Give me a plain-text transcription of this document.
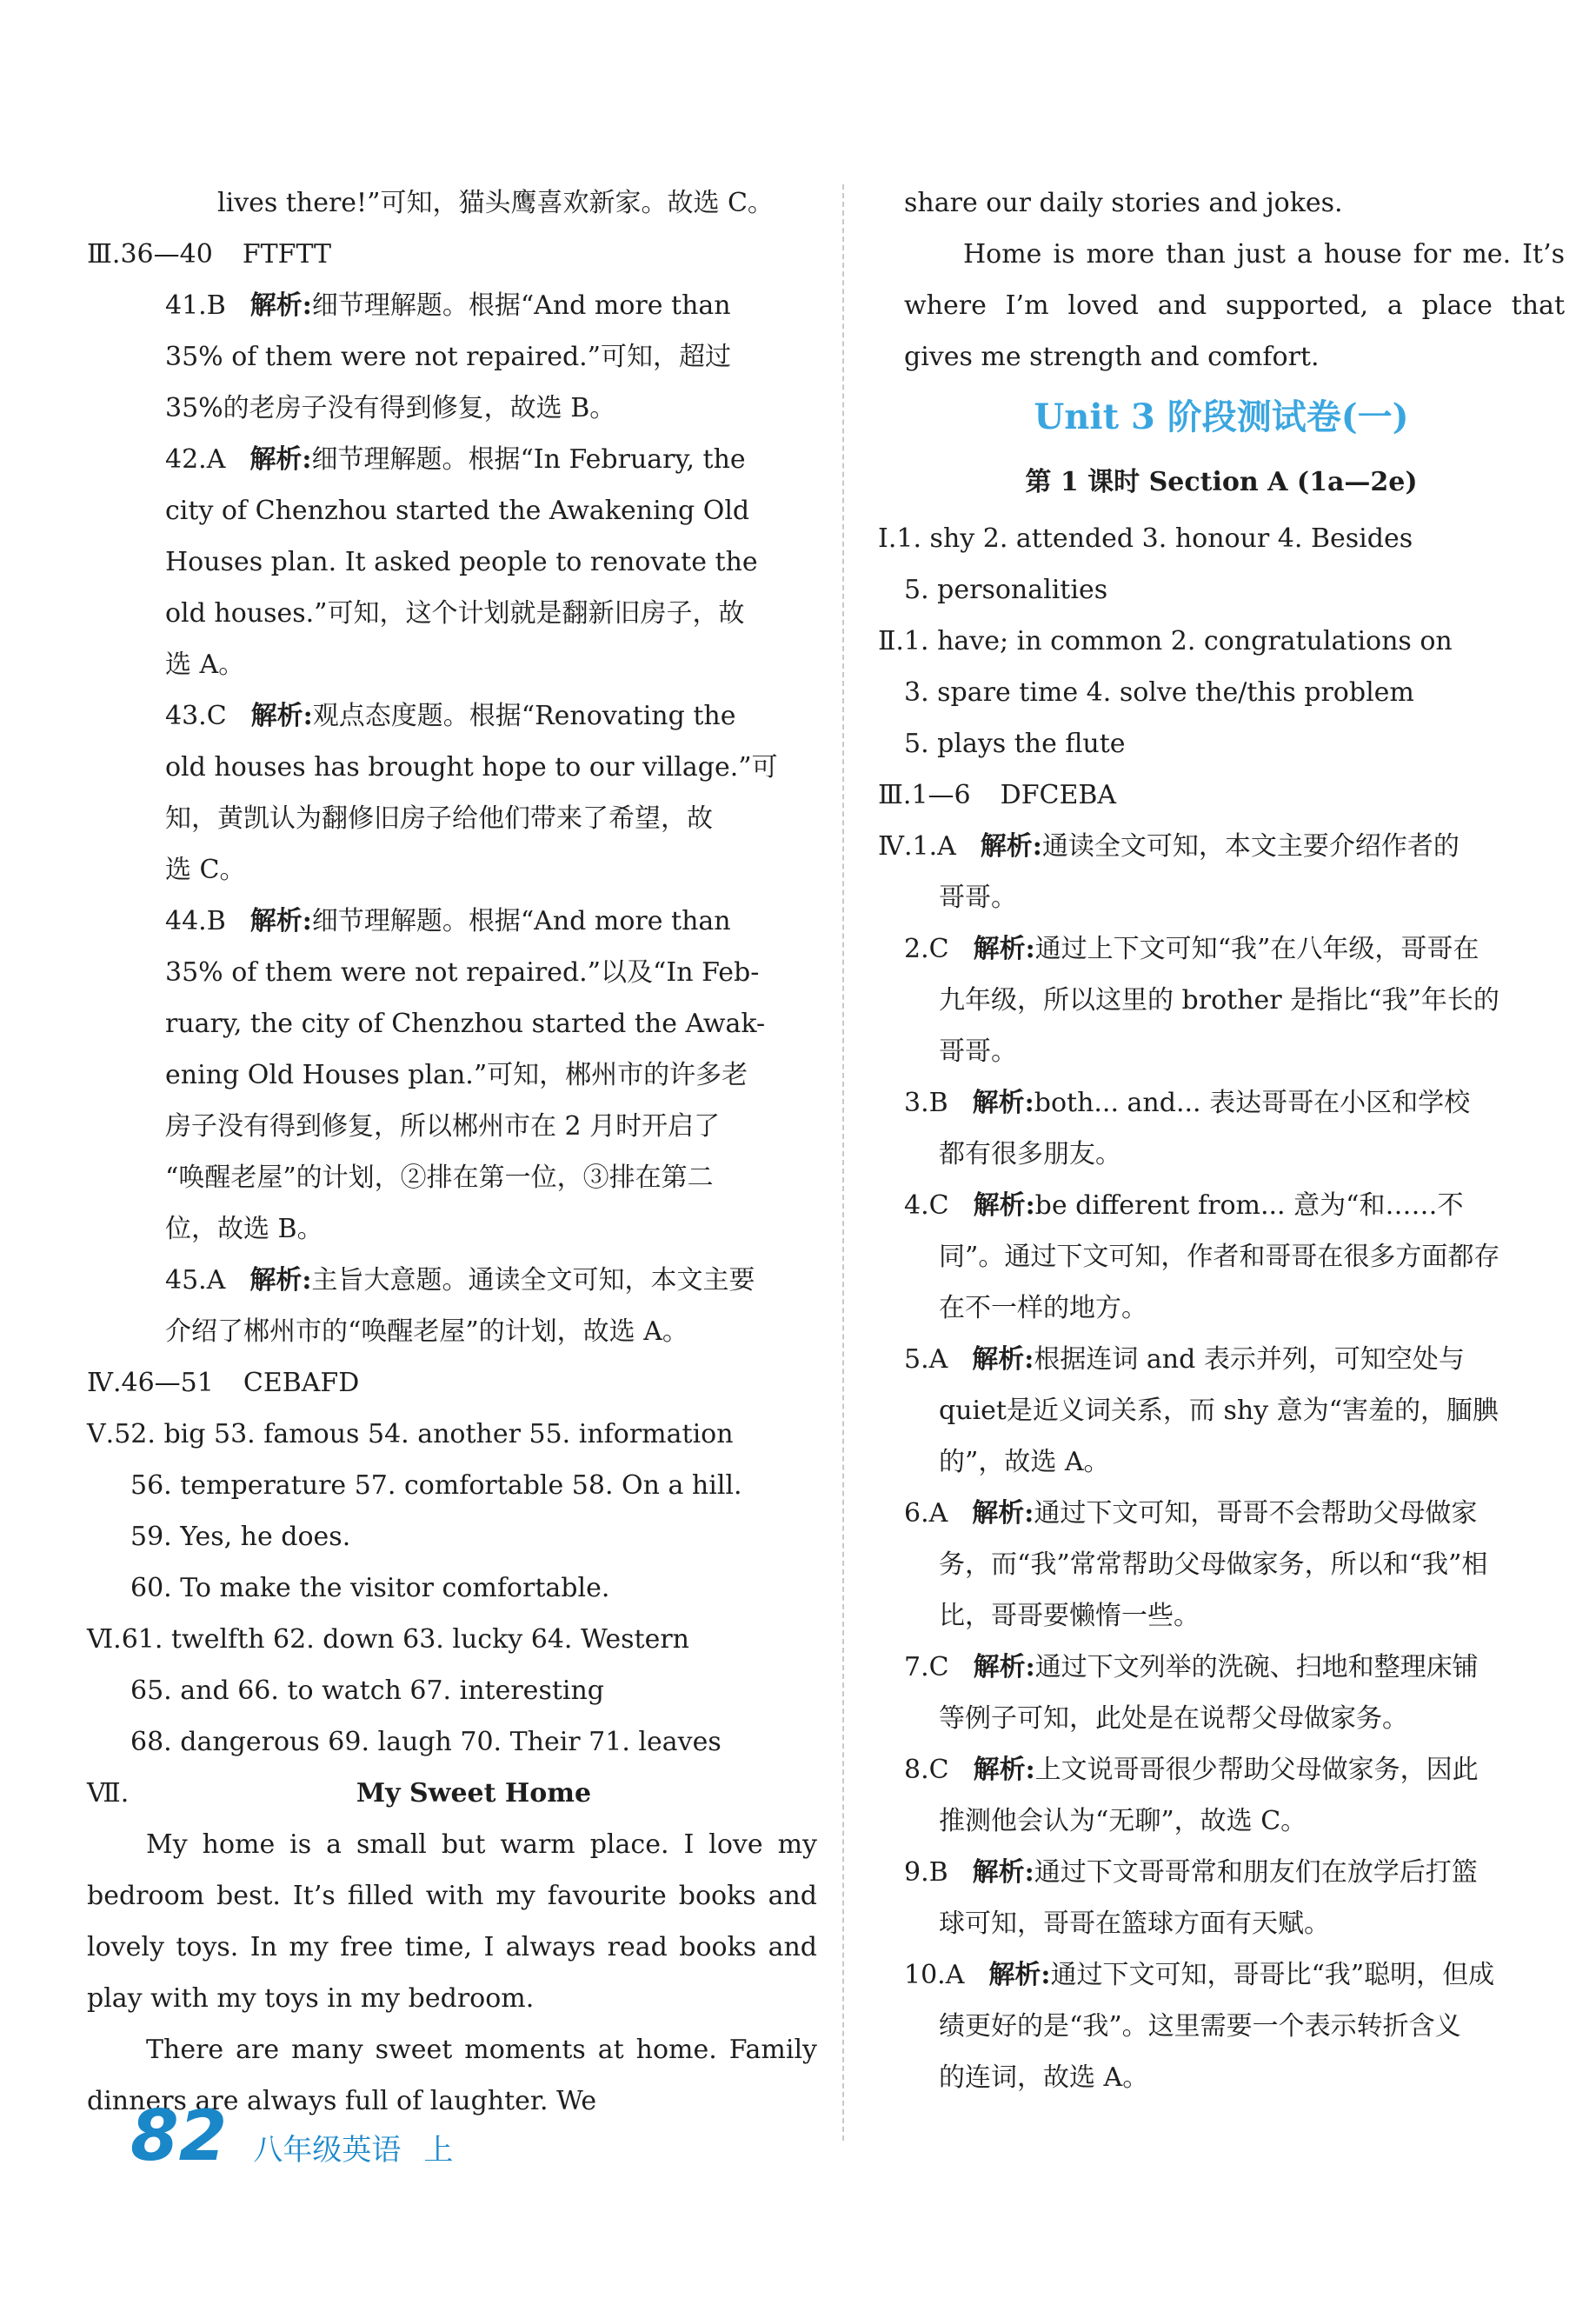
lives there!”可知，猫头鹰喜欢新家。故选 C。

Ⅲ.36—40 FTFTT

41.B 解析:细节理解题。根据“And more than

35% of them were not repaired.”可知，超过

35%的老房子没有得到修复，故选 B。

42.A 解析:细节理解题。根据“In February, the

city of Chenzhou started the Awakening Old

Houses plan. It asked people to renovate the

old houses.”可知，这个计划就是翻新旧房子，故

选 A。

43.C 解析:观点态度题。根据“Renovating the

old houses has brought hope to our village.”可

知，黄凯认为翻修旧房子给他们带来了希望，故

选 C。

44.B 解析:细节理解题。根据“And more than

35% of them were not repaired.”以及“In Feb-

ruary, the city of Chenzhou started the Awak-

ening Old Houses plan.”可知，郴州市的许多老

房子没有得到修复，所以郴州市在 2 月时开启了

“唤醒老屋”的计划，②排在第一位，③排在第二

位，故选 B。

45.A 解析:主旨大意题。通读全文可知，本文主要

介绍了郴州市的“唤醒老屋”的计划，故选 A。

Ⅳ.46—51 CEBAFD

Ⅴ.52. big 53. famous 54. another 55. information

56. temperature 57. comfortable 58. On a hill.

59. Yes, he does.

60. To make the visitor comfortable.

Ⅵ.61. twelfth 62. down 63. lucky 64. Western

65. and 66. to watch 67. interesting

68. dangerous 69. laugh 70. Their 71. leaves

Ⅶ.	My Sweet Home

My home is a small but warm place. I love my bedroom best. It’s filled with my favourite books and lovely toys. In my free time, I always read books and play with my toys in my bedroom.

There are many sweet moments at home. Family dinners are always full of laughter. We

share our daily stories and jokes.

Home is more than just a house for me. It’s where I’m loved and supported, a place that gives me strength and comfort.

Unit 3 阶段测试卷(一)

第 1 课时 Section A (1a—2e)

Ⅰ.1. shy 2. attended 3. honour 4. Besides

5. personalities

Ⅱ.1. have; in common 2. congratulations on

3. spare time 4. solve the/this problem

5. plays the flute

Ⅲ.1—6 DFCEBA

Ⅳ.1.A 解析:通读全文可知，本文主要介绍作者的

哥哥。

2.C 解析:通过上下文可知“我”在八年级，哥哥在

九年级，所以这里的 brother 是指比“我”年长的

哥哥。

3.B 解析:both... and... 表达哥哥在小区和学校

都有很多朋友。

4.C 解析:be different from... 意为“和……不

同”。通过下文可知，作者和哥哥在很多方面都存

在不一样的地方。

5.A 解析:根据连词 and 表示并列，可知空处与

quiet是近义词关系，而 shy 意为“害羞的，腼腆

的”，故选 A。

6.A 解析:通过下文可知，哥哥不会帮助父母做家

务，而“我”常常帮助父母做家务，所以和“我”相

比，哥哥要懒惰一些。

7.C 解析:通过下文列举的洗碗、扫地和整理床铺

等例子可知，此处是在说帮父母做家务。

8.C 解析:上文说哥哥很少帮助父母做家务，因此

推测他会认为“无聊”，故选 C。

9.B 解析:通过下文哥哥常和朋友们在放学后打篮

球可知，哥哥在篮球方面有天赋。

10.A 解析:通过下文可知，哥哥比“我”聪明，但成

绩更好的是“我”。这里需要一个表示转折含义

的连词，故选 A。

82 八年级英语 上
